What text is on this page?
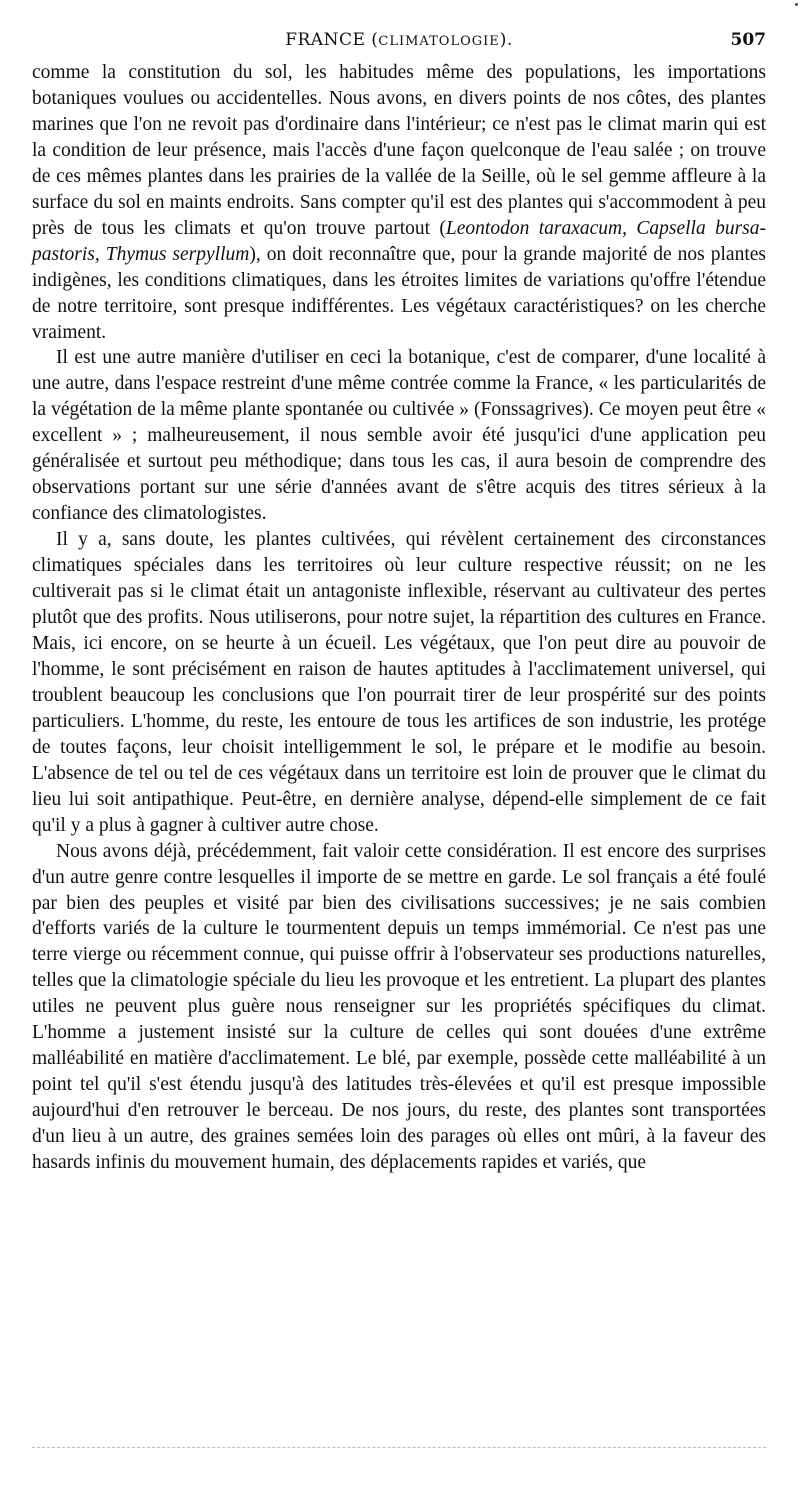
FRANCE (CLIMATOLOGIE).	507

comme la constitution du sol, les habitudes même des populations, les importations botaniques voulues ou accidentelles. Nous avons, en divers points de nos côtes, des plantes marines que l'on ne revoit pas d'ordinaire dans l'intérieur; ce n'est pas le climat marin qui est la condition de leur présence, mais l'accès d'une façon quelconque de l'eau salée ; on trouve de ces mêmes plantes dans les prairies de la vallée de la Seille, où le sel gemme affleure à la surface du sol en maints endroits. Sans compter qu'il est des plantes qui s'accommodent à peu près de tous les climats et qu'on trouve partout (Leontodon taraxacum, Capsella bursa-pastoris, Thymus serpyllum), on doit reconnaître que, pour la grande majorité de nos plantes indigènes, les conditions climatiques, dans les étroites limites de variations qu'offre l'étendue de notre territoire, sont presque indifférentes. Les végétaux caractéristiques? on les cherche vraiment.

Il est une autre manière d'utiliser en ceci la botanique, c'est de comparer, d'une localité à une autre, dans l'espace restreint d'une même contrée comme la France, « les particularités de la végétation de la même plante spontanée ou cultivée » (Fonssagrives). Ce moyen peut être « excellent » ; malheureusement, il nous semble avoir été jusqu'ici d'une application peu généralisée et surtout peu méthodique; dans tous les cas, il aura besoin de comprendre des observations portant sur une série d'années avant de s'être acquis des titres sérieux à la confiance des climatologistes.

Il y a, sans doute, les plantes cultivées, qui révèlent certainement des circonstances climatiques spéciales dans les territoires où leur culture respective réussit; on ne les cultiverait pas si le climat était un antagoniste inflexible, réservant au cultivateur des pertes plutôt que des profits. Nous utiliserons, pour notre sujet, la répartition des cultures en France. Mais, ici encore, on se heurte à un écueil. Les végétaux, que l'on peut dire au pouvoir de l'homme, le sont précisément en raison de hautes aptitudes à l'acclimatement universel, qui troublent beaucoup les conclusions que l'on pourrait tirer de leur prospérité sur des points particuliers. L'homme, du reste, les entoure de tous les artifices de son industrie, les protége de toutes façons, leur choisit intelligemment le sol, le prépare et le modifie au besoin. L'absence de tel ou tel de ces végétaux dans un territoire est loin de prouver que le climat du lieu lui soit antipathique. Peut-être, en dernière analyse, dépend-elle simplement de ce fait qu'il y a plus à gagner à cultiver autre chose.

Nous avons déjà, précédemment, fait valoir cette considération. Il est encore des surprises d'un autre genre contre lesquelles il importe de se mettre en garde. Le sol français a été foulé par bien des peuples et visité par bien des civilisations successives; je ne sais combien d'efforts variés de la culture le tourmentent depuis un temps immémorial. Ce n'est pas une terre vierge ou récemment connue, qui puisse offrir à l'observateur ses productions naturelles, telles que la climatologie spéciale du lieu les provoque et les entretient. La plupart des plantes utiles ne peuvent plus guère nous renseigner sur les propriétés spécifiques du climat. L'homme a justement insisté sur la culture de celles qui sont douées d'une extrême malléabilité en matière d'acclimatement. Le blé, par exemple, possède cette malléabilité à un point tel qu'il s'est étendu jusqu'à des latitudes très-élevées et qu'il est presque impossible aujourd'hui d'en retrouver le berceau. De nos jours, du reste, des plantes sont transportées d'un lieu à un autre, des graines semées loin des parages où elles ont mûri, à la faveur des hasards infinis du mouvement humain, des déplacements rapides et variés, que
